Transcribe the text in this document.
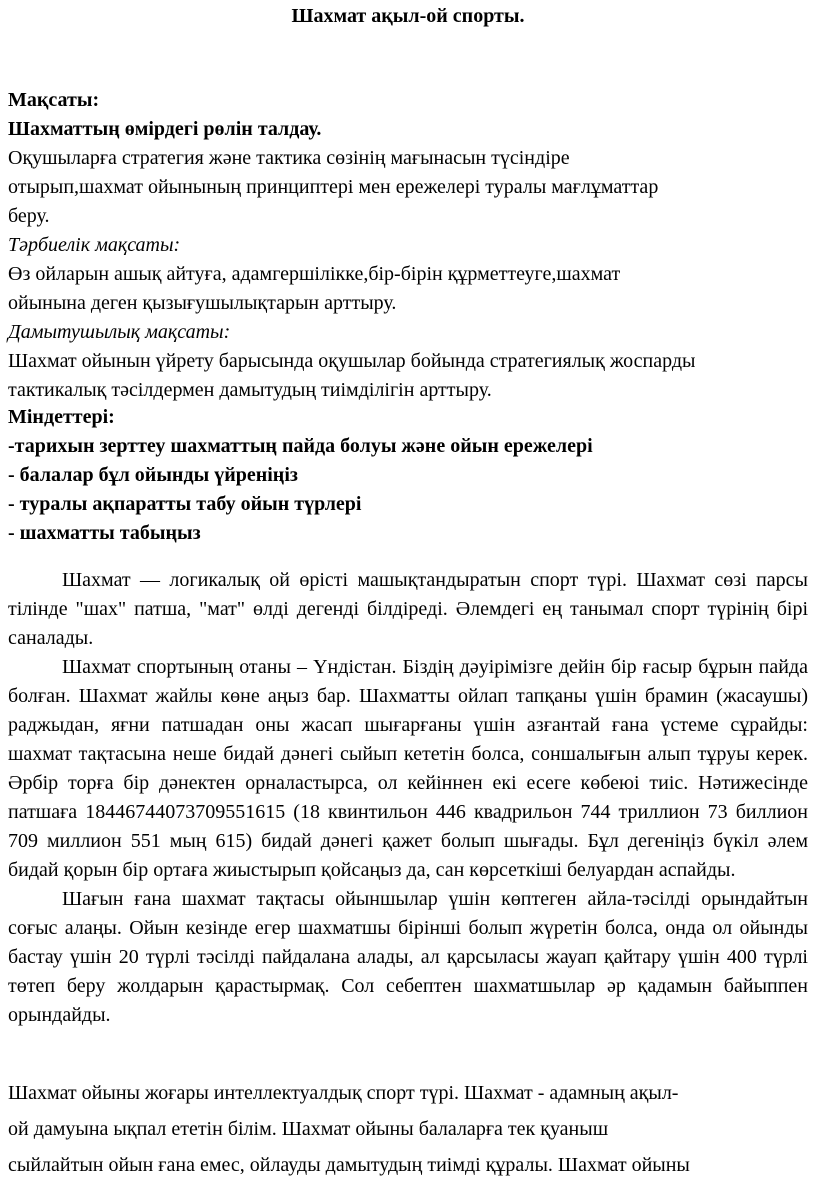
Шахмат ақыл-ой спорты.
Мақсаты:
Шахматтың өмірдегі рөлін талдау.
Оқушыларға стратегия және тактика сөзінің мағынасын түсіндіре
отырып,шахмат ойынының принциптері мен ережелері туралы мағлұматтар
беру.
Тәрбиелік мақсаты:
Өз ойларын ашық айтуға, адамгершілікке,бір-бірін құрметтеуге,шахмат
ойынына деген қызығушылықтарын арттыру.
Дамытушылық мақсаты:
Шахмат ойынын үйрету барысында оқушылар бойында стратегиялық жоспарды
тактикалық тәсілдермен дамытудың тиімділігін арттыру.
Міндеттері:
-тарихын зерттеу шахматтың пайда болуы және ойын ережелері
- балалар бұл ойынды үйреніңіз
- туралы ақпаратты табу ойын түрлері
- шахматты табыңыз

Шахмат — логикалық ой өрісті машықтандыратын спорт түрі. Шахмат сөзі парсы тілінде "шах" патша, "мат" өлді дегенді білдіреді. Әлемдегі ең танымал спорт түрінің бірі саналады.

Шахмат спортының отаны – Үндістан. Біздің дәуірімізге дейін бір ғасыр бұрын пайда болған. Шахмат жайлы көне аңыз бар. Шахматты ойлап тапқаны үшін брамин (жасаушы) раджыдан, яғни патшадан оны жасап шығарғаны үшін азғантай ғана үстеме сұрайды: шахмат тақтасына неше бидай дәнегі сыйып кететін болса, соншалығын алып тұруы керек. Әрбір торға бір дәнектен орналастырса, ол кейіннен екі есеге көбеюі тиіс. Нәтижесінде патшаға 18446744073709551615 (18 квинтильон 446 квадрильон 744 триллион 73 биллион 709 миллион 551 мың 615) бидай дәнегі қажет болып шығады. Бұл дегеніңіз бүкіл әлем бидай қорын бір ортаға жиыстырып қойсаңыз да, сан көрсеткіші белуардан аспайды.

Шағын ғана шахмат тақтасы ойыншылар үшін көптеген айла-тәсілді орындайтын соғыс алаңы. Ойын кезінде егер шахматшы бірінші болып жүретін болса, онда ол ойынды бастау үшін 20 түрлі тәсілді пайдалана алады, ал қарсыласы жауап қайтару үшін 400 түрлі төтеп беру жолдарын қарастырмақ. Сол себептен шахматшылар әр қадамын байыппен орындайды.

Шахмат ойыны жоғары интеллектуалдық спорт түрі. Шахмат - адамның ақыл-
ой дамуына ықпал ететін білім. Шахмат ойыны балаларға тек қуаныш
сыйлайтын ойын ғана емес, ойлауды дамытудың тиімді құралы. Шахмат ойыны
